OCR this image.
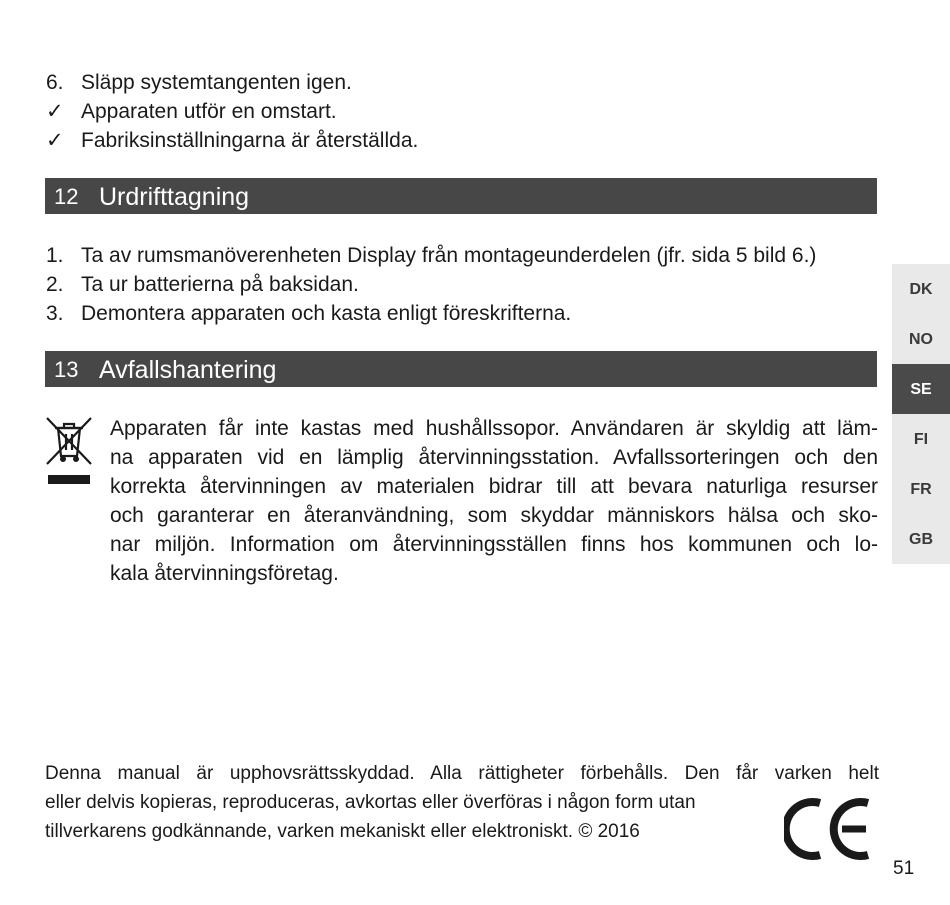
6. Släpp systemtangenten igen.
✓ Apparaten utför en omstart.
✓ Fabriksinställningarna är återställda.
12 Urdrifttagning
1. Ta av rumsmanöverenheten Display från montageunderdelen (jfr. sida 5 bild 6.)
2. Ta ur batterierna på baksidan.
3. Demontera apparaten och kasta enligt föreskrifterna.
13 Avfallshantering
Apparaten får inte kastas med hushållssopor. Användaren är skyldig att läm-
na apparaten vid en lämplig återvinningsstation. Avfallssorteringen och den
korrekta återvinningen av materialen bidrar till att bevara naturliga resurser
och garanterar en återanvändning, som skyddar människors hälsa och sko-
nar miljön. Information om återvinningsställen finns hos kommunen och lo-
kala återvinningsföretag.
DK
NO
SE
FI
FR
GB
Denna manual är upphovsrättsskyddad. Alla rättigheter förbehålls. Den får varken helt
eller delvis kopieras, reproduceras, avkortas eller överföras i någon form utan
tillverkarens godkännande, varken mekaniskt eller elektroniskt. © 2016
51
